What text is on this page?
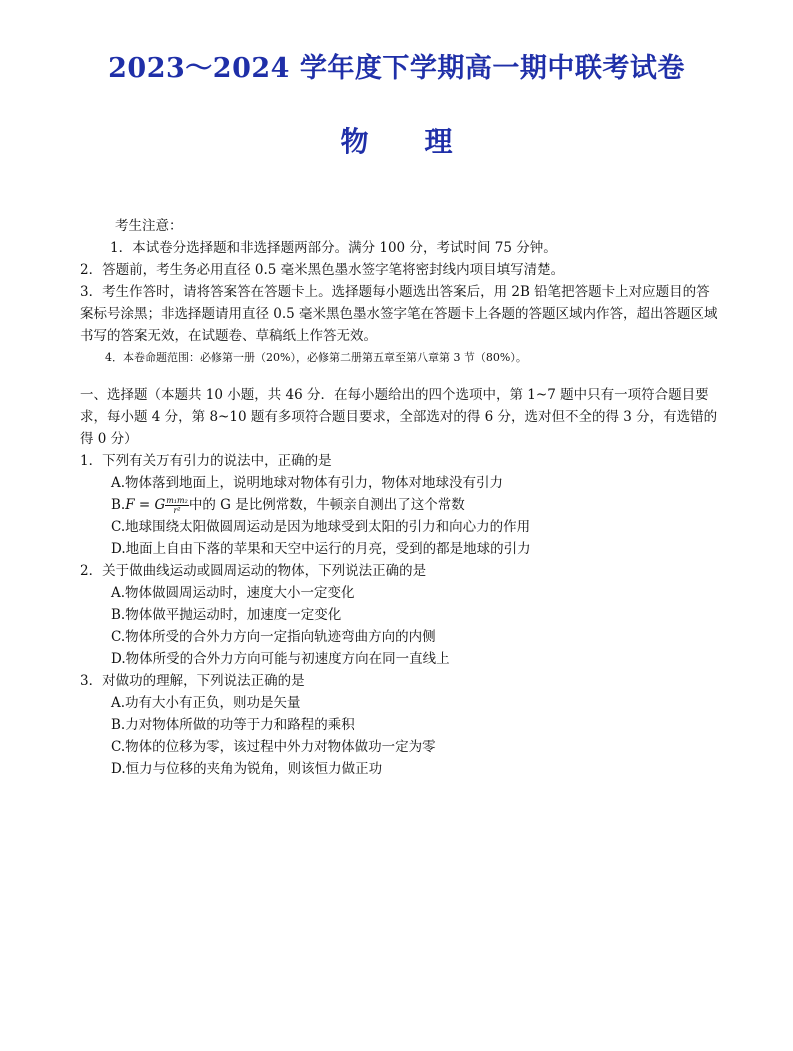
2023～2024 学年度下学期高一期中联考试卷
物理
考生注意：
1．本试卷分选择题和非选择题两部分。满分 100 分，考试时间 75 分钟。
2．答题前，考生务必用直径 0.5 毫米黑色墨水签字笔将密封线内项目填写清楚。
3．考生作答时，请将答案答在答题卡上。选择题每小题选出答案后，用 2B 铅笔把答题卡上对应题目的答案标号涂黑；非选择题请用直径 0.5 毫米黑色墨水签字笔在答题卡上各题的答题区域内作答，超出答题区域书写的答案无效，在试题卷、草稿纸上作答无效。
4．本卷命题范围：必修第一册（20%），必修第二册第五章至第八章第 3 节（80%）。

一、选择题（本题共 10 小题，共 46 分．在每小题给出的四个选项中，第 1~7 题中只有一项符合题目要求，每小题 4 分，第 8~10 题有多项符合题目要求，全部选对的得 6 分，选对但不全的得 3 分，有选错的得 0 分）

1．下列有关万有引力的说法中，正确的是

A.物体落到地面上，说明地球对物体有引力，物体对地球没有引力

B.F = G $\frac{\text{m₁m₂}}{\text{r²}}$ 中的 G 是比例常数，牛顿亲自测出了这个常数

C.地球围绕太阳做圆周运动是因为地球受到太阳的引力和向心力的作用

D.地面上自由下落的苹果和天空中运行的月亮，受到的都是地球的引力

2．关于做曲线运动或圆周运动的物体，下列说法正确的是

A.物体做圆周运动时，速度大小一定变化

B.物体做平抛运动时，加速度一定变化

C.物体所受的合外力方向一定指向轨迹弯曲方向的内侧

D.物体所受的合外力方向可能与初速度方向在同一直线上

3．对做功的理解，下列说法正确的是

A.功有大小有正负，则功是矢量

B.力对物体所做的功等于力和路程的乘积

C.物体的位移为零，该过程中外力对物体做功一定为零

D.恒力与位移的夹角为锐角，则该恒力做正功
